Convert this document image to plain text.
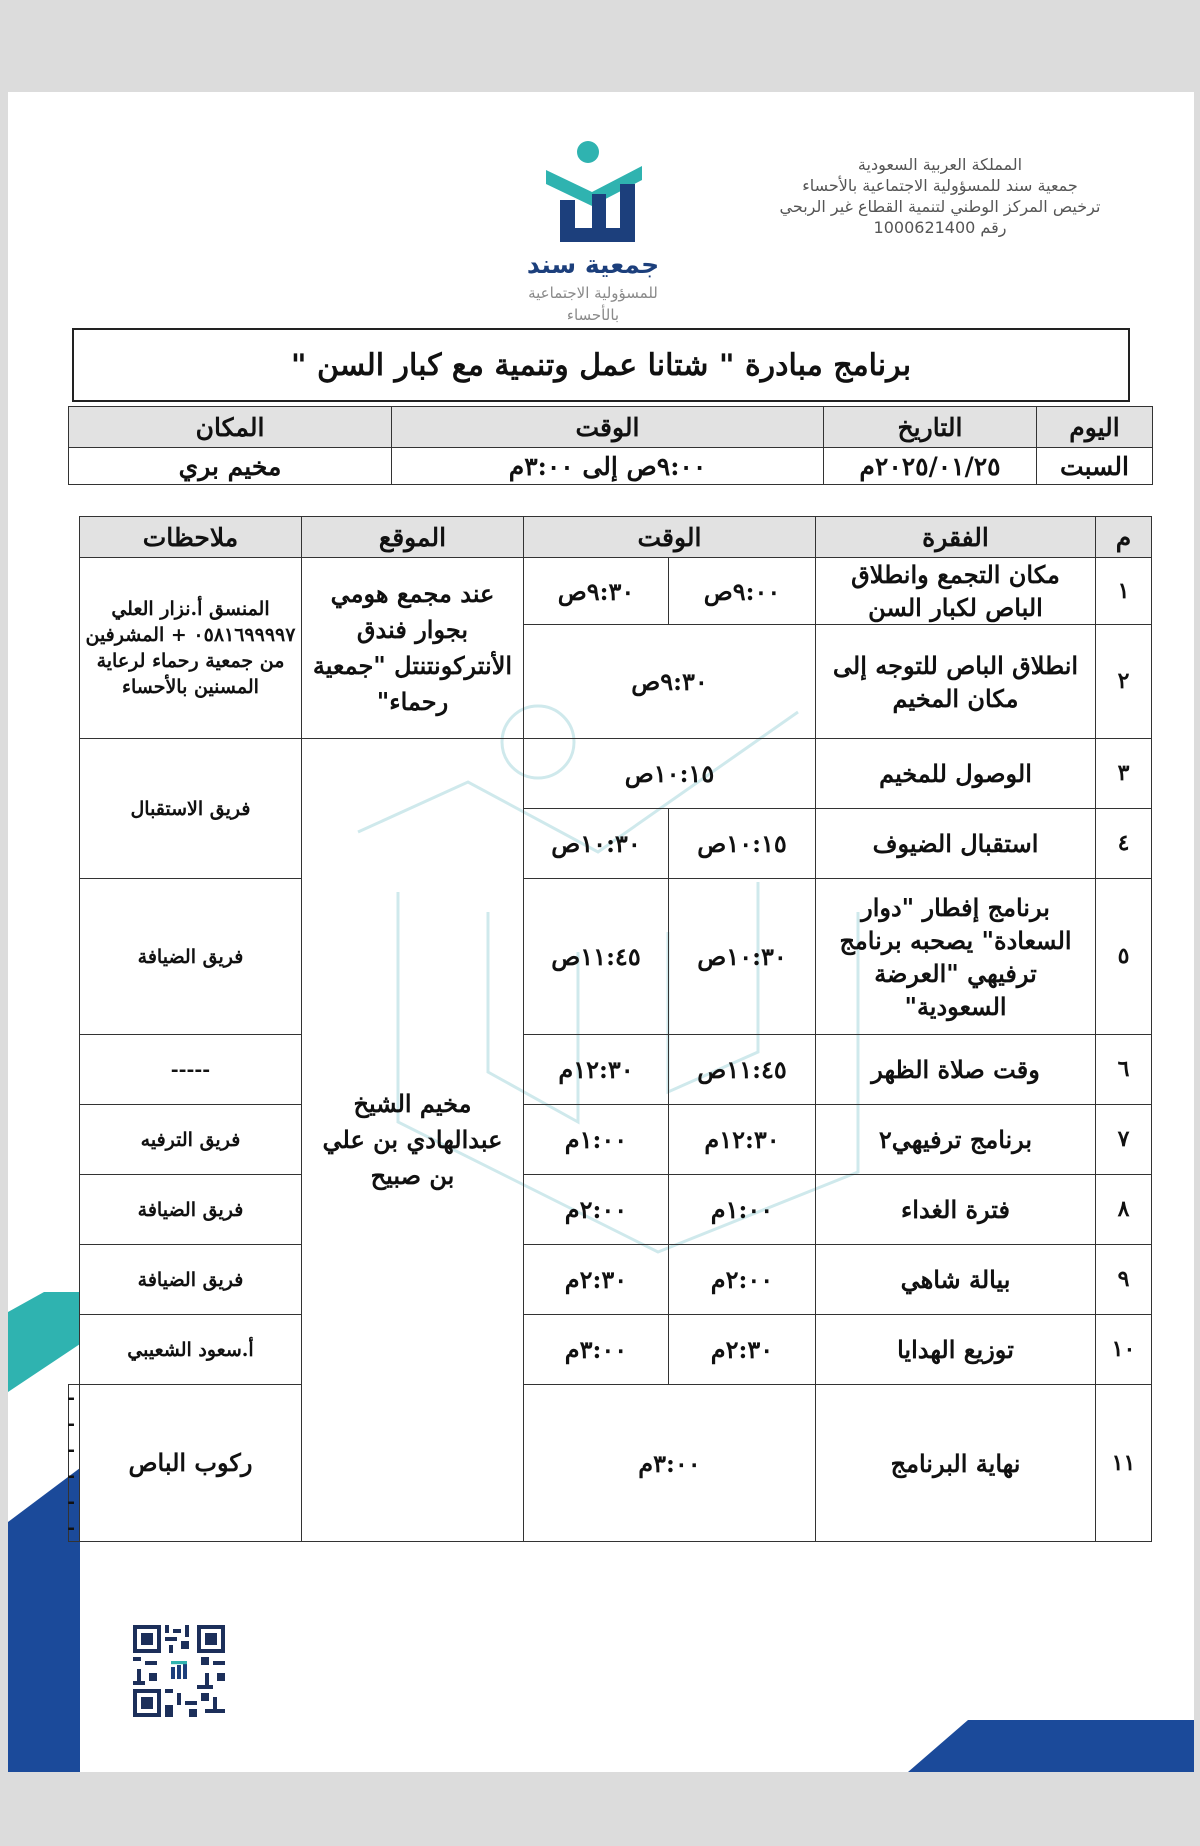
المملكة العربية السعودية
جمعية سند للمسؤولية الاجتماعية بالأحساء
ترخيص المركز الوطني لتنمية القطاع غير الربحي
رقم 1000621400
جمعية سند
للمسؤولية الاجتماعية
بالأحساء
برنامج مبادرة " شتانا عمل وتنمية مع كبار السن "
اليوم	التاريخ	الوقت	المكان
السبت	٢٠٢٥/٠١/٢٥م	٩:٠٠ص إلى ٣:٠٠م	مخيم بري
م	الفقرة	الوقت		الموقع	ملاحظات	
١	مكان التجمع وانطلاق الباص لكبار السن	٩:٠٠ص	٩:٣٠ص	عند مجمع هومي بجوار فندق الأنتركونتنتل "جمعية رحماء"	المنسق أ.نزار العلي ٠٥٨١٦٩٩٩٩٧ + المشرفين من جمعية رحماء لرعاية المسنين بالأحساء	
٢	انطلاق الباص للتوجه إلى مكان المخيم	٩:٣٠ص				
٣	الوصول للمخيم	١٠:١٥ص		مخيم الشيخ عبدالهادي بن علي بن صبيح	فريق الاستقبال	
٤	استقبال الضيوف	١٠:١٥ص	١٠:٣٠ص			
٥	برنامج إفطار "دوار السعادة" يصحبه برنامج ترفيهي "العرضة السعودية"	١٠:٣٠ص	١١:٤٥ص		فريق الضيافة	
٦	وقت صلاة الظهر	١١:٤٥ص	١٢:٣٠م		-----	
٧	برنامج ترفيهي٢	١٢:٣٠م	١:٠٠م		فريق الترفيه	
٨	فترة الغداء	١:٠٠م	٢:٠٠م		فريق الضيافة	
٩	بيالة شاهي	٢:٠٠م	٢:٣٠م		فريق الضيافة	
١٠	توزيع الهدايا	٢:٣٠م	٣:٠٠م		أ.سعود الشعيبي	
١١	نهاية البرنامج	٣:٠٠م			ركوب الباص	------
